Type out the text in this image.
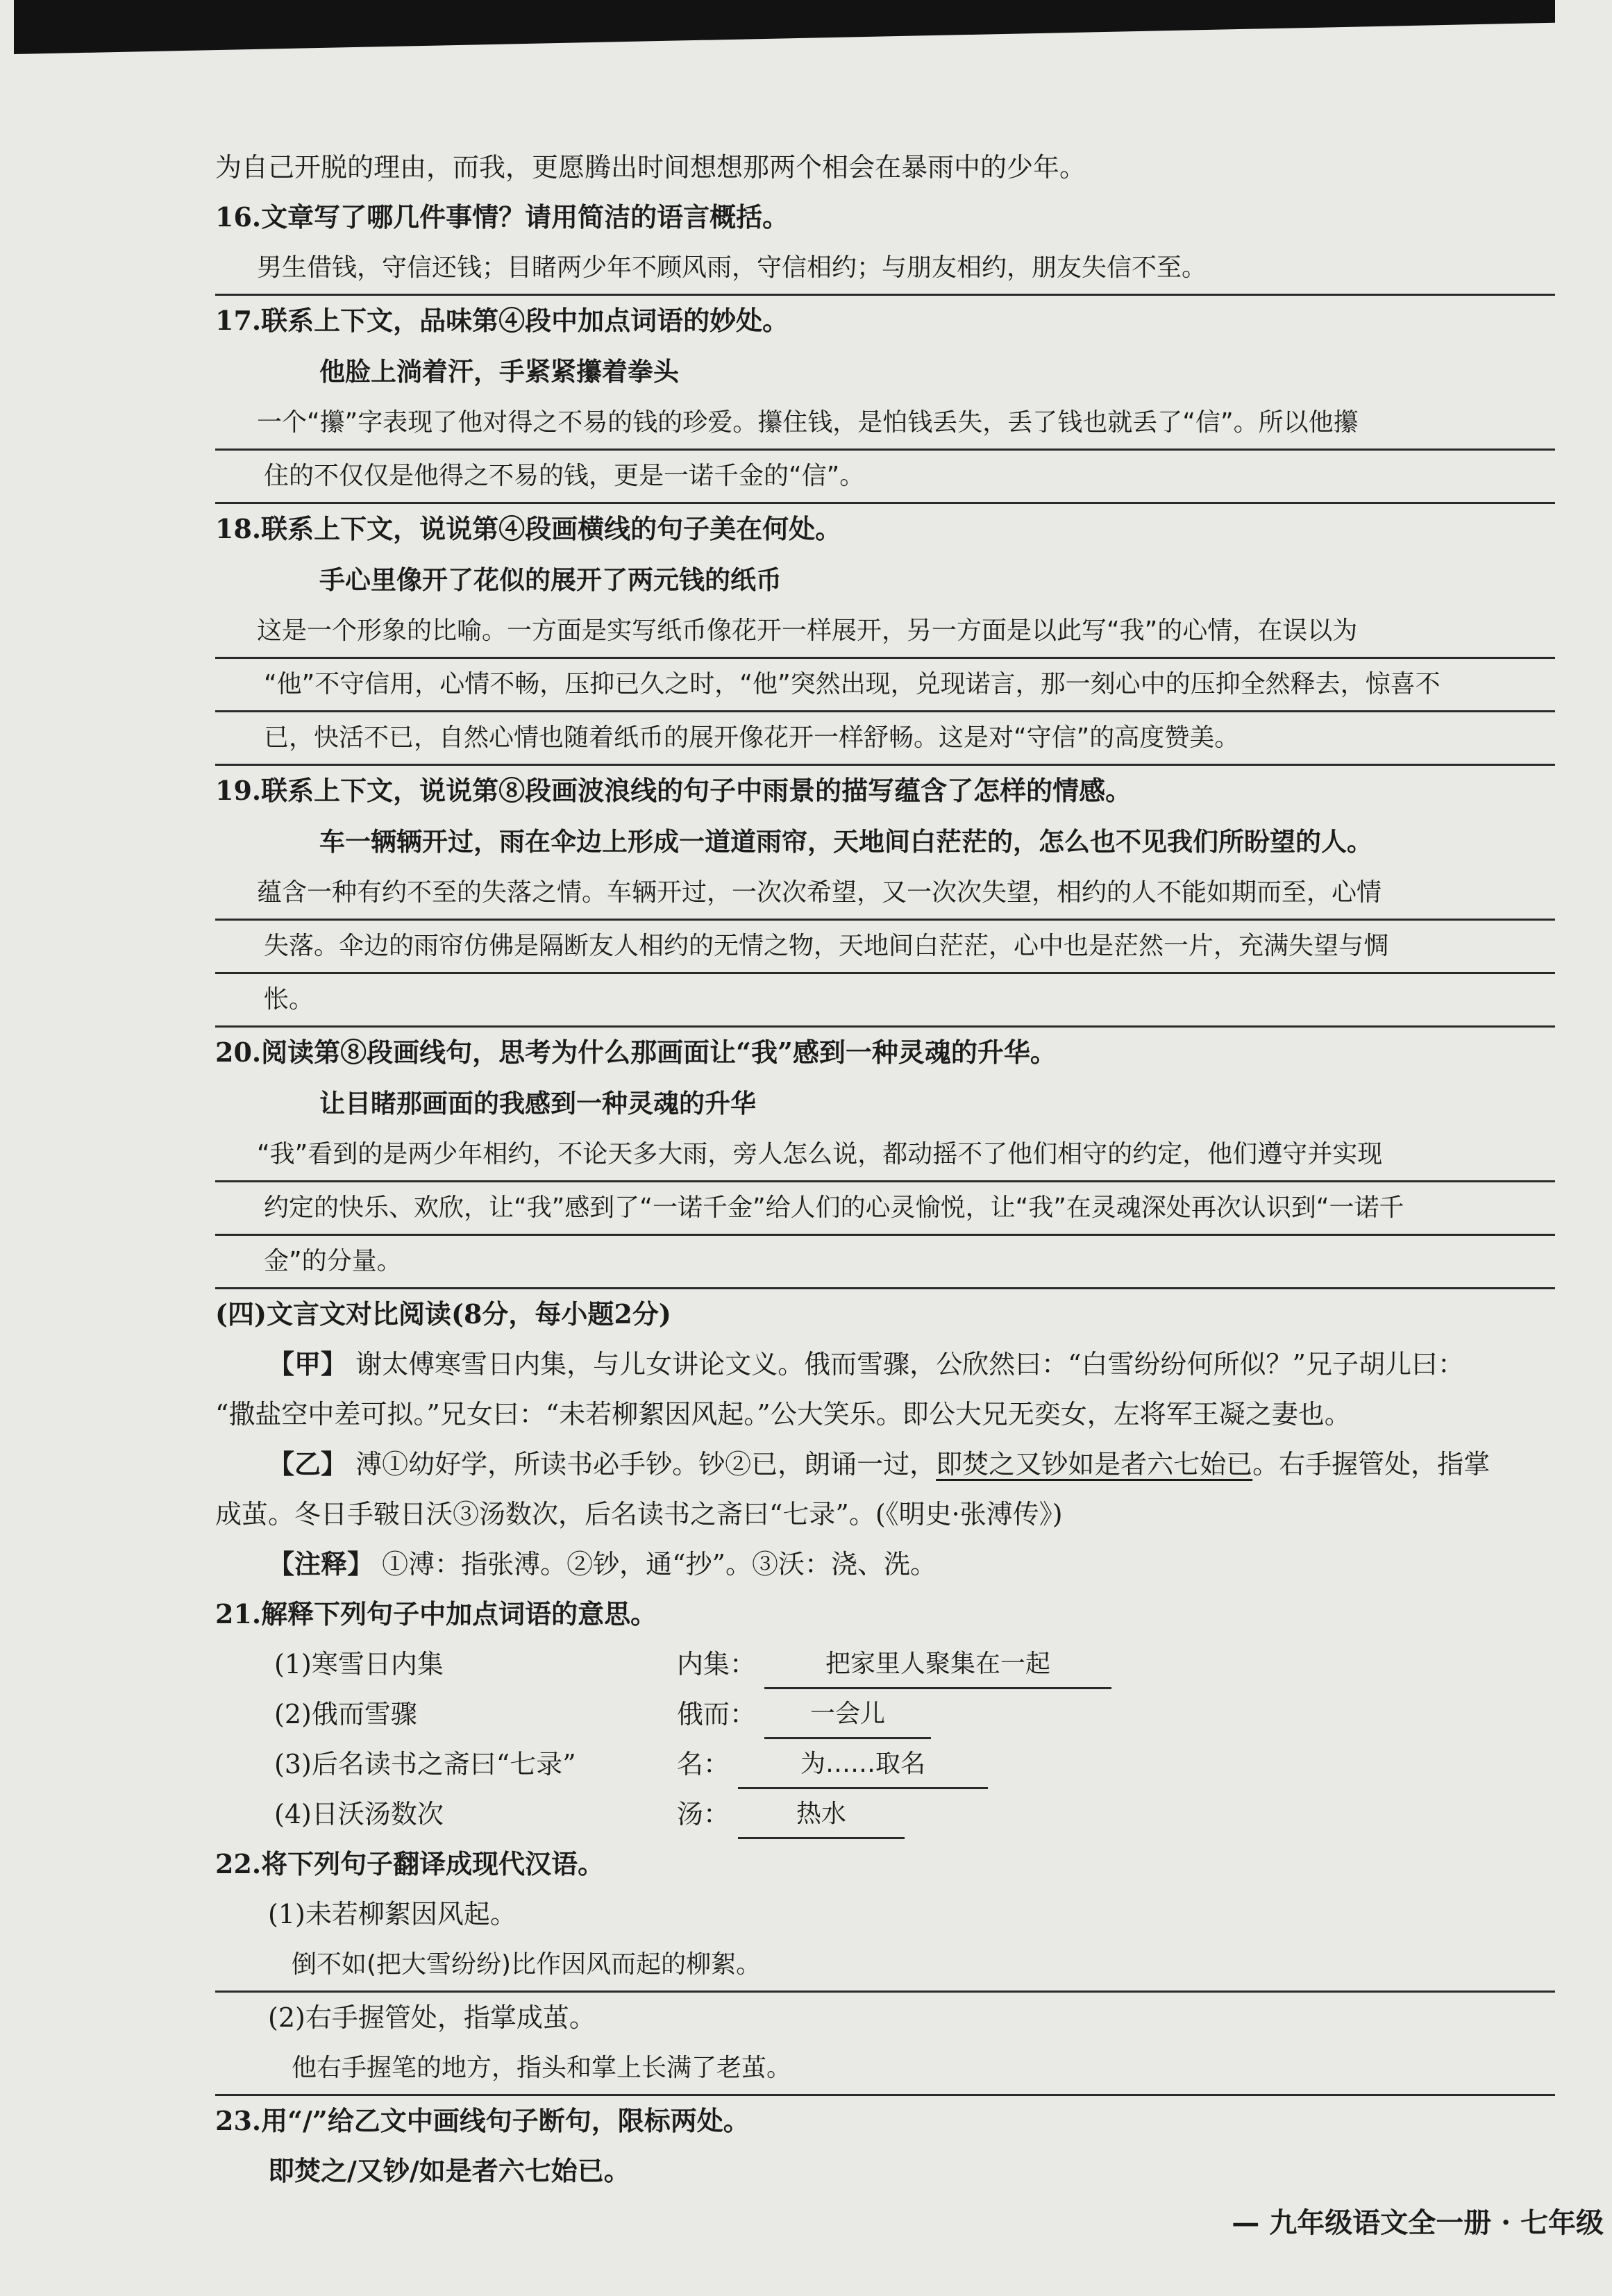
为自己开脱的理由，而我，更愿腾出时间想想那两个相会在暴雨中的少年。
16.文章写了哪几件事情？请用简洁的语言概括。
男生借钱，守信还钱；目睹两少年不顾风雨，守信相约；与朋友相约，朋友失信不至。
17.联系上下文，品味第④段中加点词语的妙处。
他脸上淌着汗，手紧紧攥着拳头
一个“攥”字表现了他对得之不易的钱的珍爱。攥住钱，是怕钱丢失，丢了钱也就丢了“信”。所以他攥
住的不仅仅是他得之不易的钱，更是一诺千金的“信”。
18.联系上下文，说说第④段画横线的句子美在何处。
手心里像开了花似的展开了两元钱的纸币
这是一个形象的比喻。一方面是实写纸币像花开一样展开，另一方面是以此写“我”的心情，在误以为
“他”不守信用，心情不畅，压抑已久之时，“他”突然出现，兑现诺言，那一刻心中的压抑全然释去，惊喜不
已，快活不已，自然心情也随着纸币的展开像花开一样舒畅。这是对“守信”的高度赞美。
19.联系上下文，说说第⑧段画波浪线的句子中雨景的描写蕴含了怎样的情感。
车一辆辆开过，雨在伞边上形成一道道雨帘，天地间白茫茫的，怎么也不见我们所盼望的人。
蕴含一种有约不至的失落之情。车辆开过，一次次希望，又一次次失望，相约的人不能如期而至，心情
失落。伞边的雨帘仿佛是隔断友人相约的无情之物，天地间白茫茫，心中也是茫然一片，充满失望与惆
怅。
20.阅读第⑧段画线句，思考为什么那画面让“我”感到一种灵魂的升华。
让目睹那画面的我感到一种灵魂的升华
“我”看到的是两少年相约，不论天多大雨，旁人怎么说，都动摇不了他们相守的约定，他们遵守并实现
约定的快乐、欢欣，让“我”感到了“一诺千金”给人们的心灵愉悦，让“我”在灵魂深处再次认识到“一诺千
金”的分量。
(四)文言文对比阅读(8分，每小题2分)
【甲】 谢太傅寒雪日内集，与儿女讲论文义。俄而雪骤，公欣然曰：“白雪纷纷何所似？”兄子胡儿曰：
“撒盐空中差可拟。”兄女曰：“未若柳絮因风起。”公大笑乐。即公大兄无奕女，左将军王凝之妻也。
【乙】 溥①幼好学，所读书必手钞。钞②已，朗诵一过，即焚之又钞如是者六七始已。右手握管处，指掌
成茧。冬日手皲日沃③汤数次，后名读书之斋曰“七录”。(《明史·张溥传》)
【注释】 ①溥：指张溥。②钞，通“抄”。③沃：浇、洗。
21.解释下列句子中加点词语的意思。
(1)寒雪日内集	内集：	把家里人聚集在一起
(2)俄而雪骤	俄而：	一会儿
(3)后名读书之斋曰“七录”	名：	为……取名
(4)日沃汤数次	汤：	热水
22.将下列句子翻译成现代汉语。
(1)未若柳絮因风起。
倒不如(把大雪纷纷)比作因风而起的柳絮。
(2)右手握管处，指掌成茧。
他右手握笔的地方，指头和掌上长满了老茧。
23.用“/”给乙文中画线句子断句，限标两处。
即焚之/又钞/如是者六七始已。
— 九年级语文全一册 · 七年级
